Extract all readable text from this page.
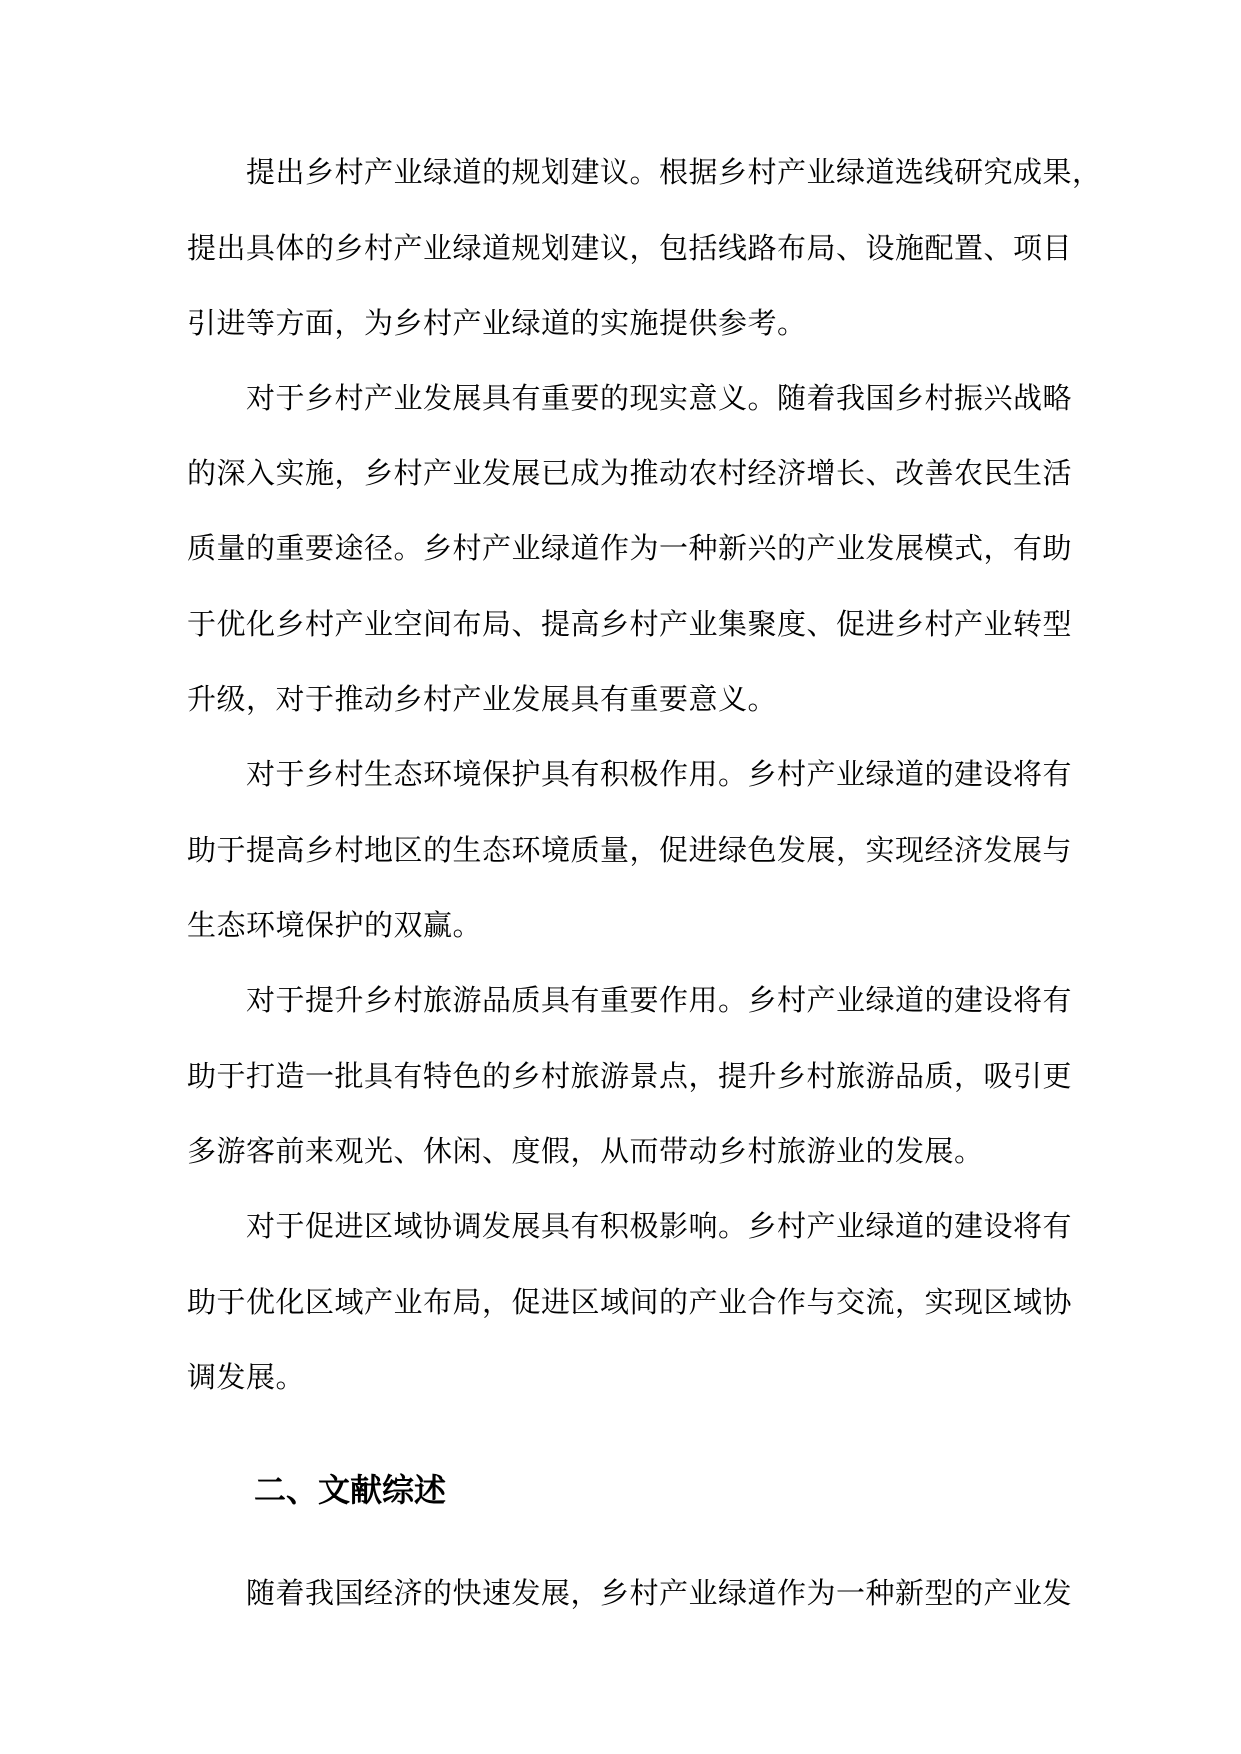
提出乡村产业绿道的规划建议。根据乡村产业绿道选线研究成果，
提出具体的乡村产业绿道规划建议，包括线路布局、设施配置、项目
引进等方面，为乡村产业绿道的实施提供参考。
对于乡村产业发展具有重要的现实意义。随着我国乡村振兴战略
的深入实施，乡村产业发展已成为推动农村经济增长、改善农民生活
质量的重要途径。乡村产业绿道作为一种新兴的产业发展模式，有助
于优化乡村产业空间布局、提高乡村产业集聚度、促进乡村产业转型
升级，对于推动乡村产业发展具有重要意义。
对于乡村生态环境保护具有积极作用。乡村产业绿道的建设将有
助于提高乡村地区的生态环境质量，促进绿色发展，实现经济发展与
生态环境保护的双赢。
对于提升乡村旅游品质具有重要作用。乡村产业绿道的建设将有
助于打造一批具有特色的乡村旅游景点，提升乡村旅游品质，吸引更
多游客前来观光、休闲、度假，从而带动乡村旅游业的发展。
对于促进区域协调发展具有积极影响。乡村产业绿道的建设将有
助于优化区域产业布局，促进区域间的产业合作与交流，实现区域协
调发展。
二、文献综述
随着我国经济的快速发展，乡村产业绿道作为一种新型的产业发
